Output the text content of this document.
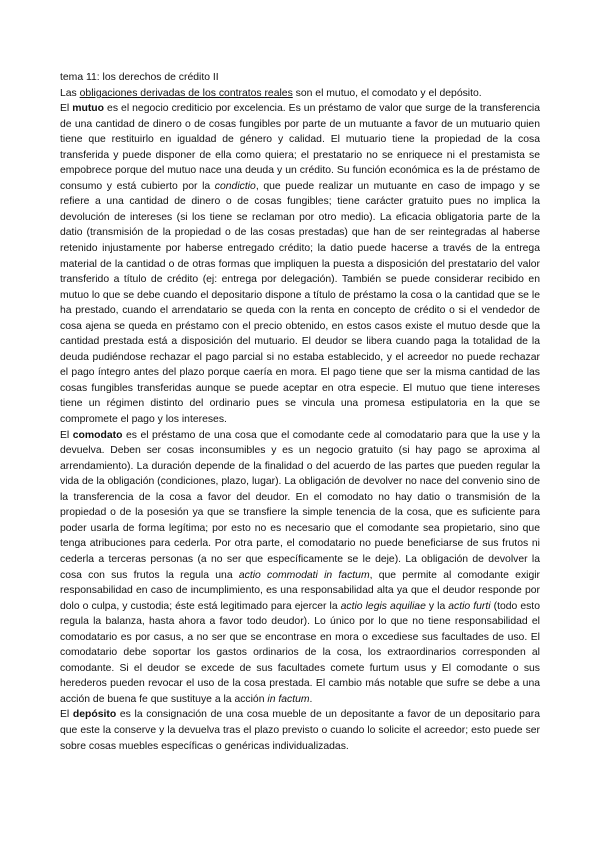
tema 11: los derechos de crédito II

Las obligaciones derivadas de los contratos reales son el mutuo, el comodato y el depósito.

El mutuo es el negocio crediticio por excelencia. Es un préstamo de valor que surge de la transferencia de una cantidad de dinero o de cosas fungibles por parte de un mutuante a favor de un mutuario quien tiene que restituirlo en igualdad de género y calidad. El mutuario tiene la propiedad de la cosa transferida y puede disponer de ella como quiera; el prestatario no se enriquece ni el prestamista se empobrece porque del mutuo nace una deuda y un crédito. Su función económica es la de préstamo de consumo y está cubierto por la condictio, que puede realizar un mutuante en caso de impago y se refiere a una cantidad de dinero o de cosas fungibles; tiene carácter gratuito pues no implica la devolución de intereses (si los tiene se reclaman por otro medio). La eficacia obligatoria parte de la datio (transmisión de la propiedad o de las cosas prestadas) que han de ser reintegradas al haberse retenido injustamente por haberse entregado crédito; la datio puede hacerse a través de la entrega material de la cantidad o de otras formas que impliquen la puesta a disposición del prestatario del valor transferido a título de crédito (ej: entrega por delegación). También se puede considerar recibido en mutuo lo que se debe cuando el depositario dispone a título de préstamo la cosa o la cantidad que se le ha prestado, cuando el arrendatario se queda con la renta en concepto de crédito o si el vendedor de cosa ajena se queda en préstamo con el precio obtenido, en estos casos existe el mutuo desde que la cantidad prestada está a disposición del mutuario. El deudor se libera cuando paga la totalidad de la deuda pudiéndose rechazar el pago parcial si no estaba establecido, y el acreedor no puede rechazar el pago íntegro antes del plazo porque caería en mora. El pago tiene que ser la misma cantidad de las cosas fungibles transferidas aunque se puede aceptar en otra especie. El mutuo que tiene intereses tiene un régimen distinto del ordinario pues se vincula una promesa estipulatoria en la que se compromete el pago y los intereses.

El comodato es el préstamo de una cosa que el comodante cede al comodatario para que la use y la devuelva. Deben ser cosas inconsumibles y es un negocio gratuito (si hay pago se aproxima al arrendamiento). La duración depende de la finalidad o del acuerdo de las partes que pueden regular la vida de la obligación (condiciones, plazo, lugar). La obligación de devolver no nace del convenio sino de la transferencia de la cosa a favor del deudor. En el comodato no hay datio o transmisión de la propiedad o de la posesión ya que se transfiere la simple tenencia de la cosa, que es suficiente para poder usarla de forma legítima; por esto no es necesario que el comodante sea propietario, sino que tenga atribuciones para cederla. Por otra parte, el comodatario no puede beneficiarse de sus frutos ni cederla a terceras personas (a no ser que específicamente se le deje). La obligación de devolver la cosa con sus frutos la regula una actio commodati in factum, que permite al comodante exigir responsabilidad en caso de incumplimiento, es una responsabilidad alta ya que el deudor responde por dolo o culpa, y custodia; éste está legitimado para ejercer la actio legis aquiliae y la actio furti (todo esto regula la balanza, hasta ahora a favor todo deudor). Lo único por lo que no tiene responsabilidad el comodatario es por casus, a no ser que se encontrase en mora o excediese sus facultades de uso. El comodatario debe soportar los gastos ordinarios de la cosa, los extraordinarios corresponden al comodante. Si el deudor se excede de sus facultades comete furtum usus y El comodante o sus herederos pueden revocar el uso de la cosa prestada. El cambio más notable que sufre se debe a una acción de buena fe que sustituye a la acción in factum.

El depósito es la consignación de una cosa mueble de un depositante a favor de un depositario para que este la conserve y la devuelva tras el plazo previsto o cuando lo solicite el acreedor; esto puede ser sobre cosas muebles específicas o genéricas individualizadas.
